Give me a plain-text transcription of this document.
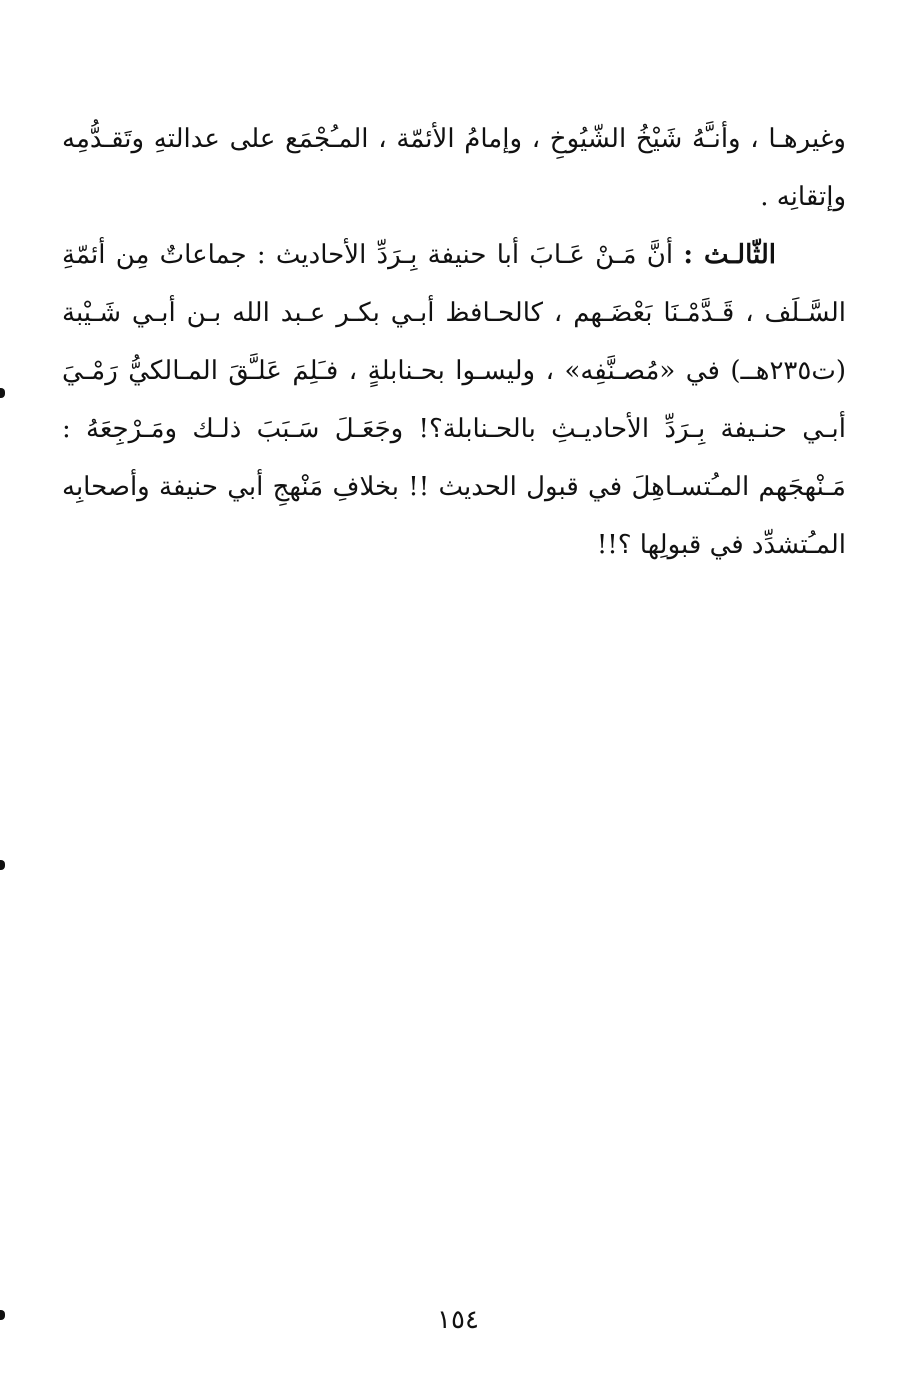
وغيرهـا ، وأنـَّهُ شَيْخُ الشّيُوخِ ، وإمامُ الأئمّة ، المـُجْمَع على عدالتهِ وتَقـدُّمِه وإتقانِه .

الثّالـث : أنَّ مَـنْ عَـابَ أبا حنيفة بِـرَدِّ الأحاديث : جماعاتٌ مِن أئمّةِ السَّـلَف ، قَـدَّمْـنَا بَعْضَـهم ، كالحـافظ أبـي بكـر عـبد الله بـن أبـي شَـيْبة (ت٢٣٥هــ) في «مُصـنَّفِه» ، وليسـوا بحـنابلةٍ ، فـَلِمَ عَلـَّقَ المـالكيُّ رَمْـيَ أبـي حنـيفة بِـرَدِّ الأحاديـثِ بالحـنابلة؟! وجَعَـلَ سَـبَبَ ذلـك ومَـرْجِعَهُ : مَـنْهجَهم المـُتسـاهِلَ في قبول الحديث !! بخلافِ مَنْهجِ أبي حنيفة وأصحابِه المـُتشدِّد في قبولِها ؟!!

١٥٤
